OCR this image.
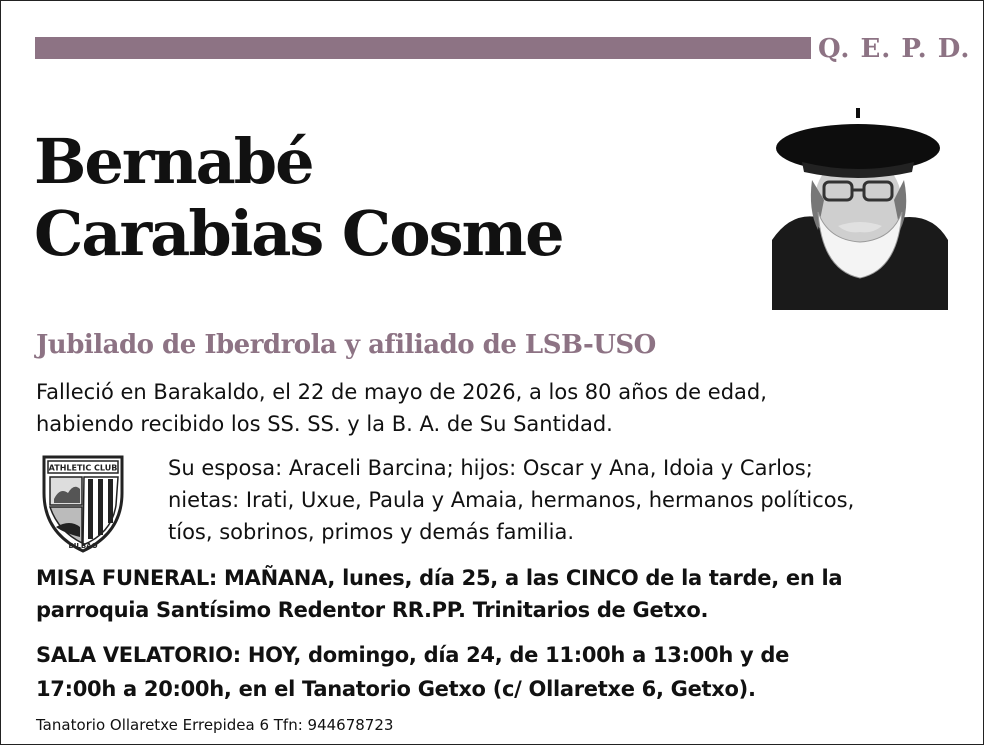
Q. E. P. D.
Bernabé
Carabias Cosme
Jubilado de Iberdrola y afiliado de LSB-USO
Falleció en Barakaldo, el 22 de mayo de 2026, a los 80 años de edad,
habiendo recibido los SS. SS. y la B. A. de Su Santidad.
ATHLETIC CLUB
BILBAO
Su esposa: Araceli Barcina; hijos: Oscar y Ana, Idoia y Carlos;
nietas: Irati, Uxue, Paula y Amaia, hermanos, hermanos políticos,
tíos, sobrinos, primos y demás familia.
MISA FUNERAL: MAÑANA, lunes, día 25, a las CINCO de la tarde, en la
parroquia Santísimo Redentor RR.PP. Trinitarios de Getxo.
SALA VELATORIO: HOY, domingo, día 24, de 11:00h a 13:00h y de
17:00h a 20:00h, en el Tanatorio Getxo (c/ Ollaretxe 6, Getxo).
Tanatorio Ollaretxe Errepidea 6 Tfn: 944678723
